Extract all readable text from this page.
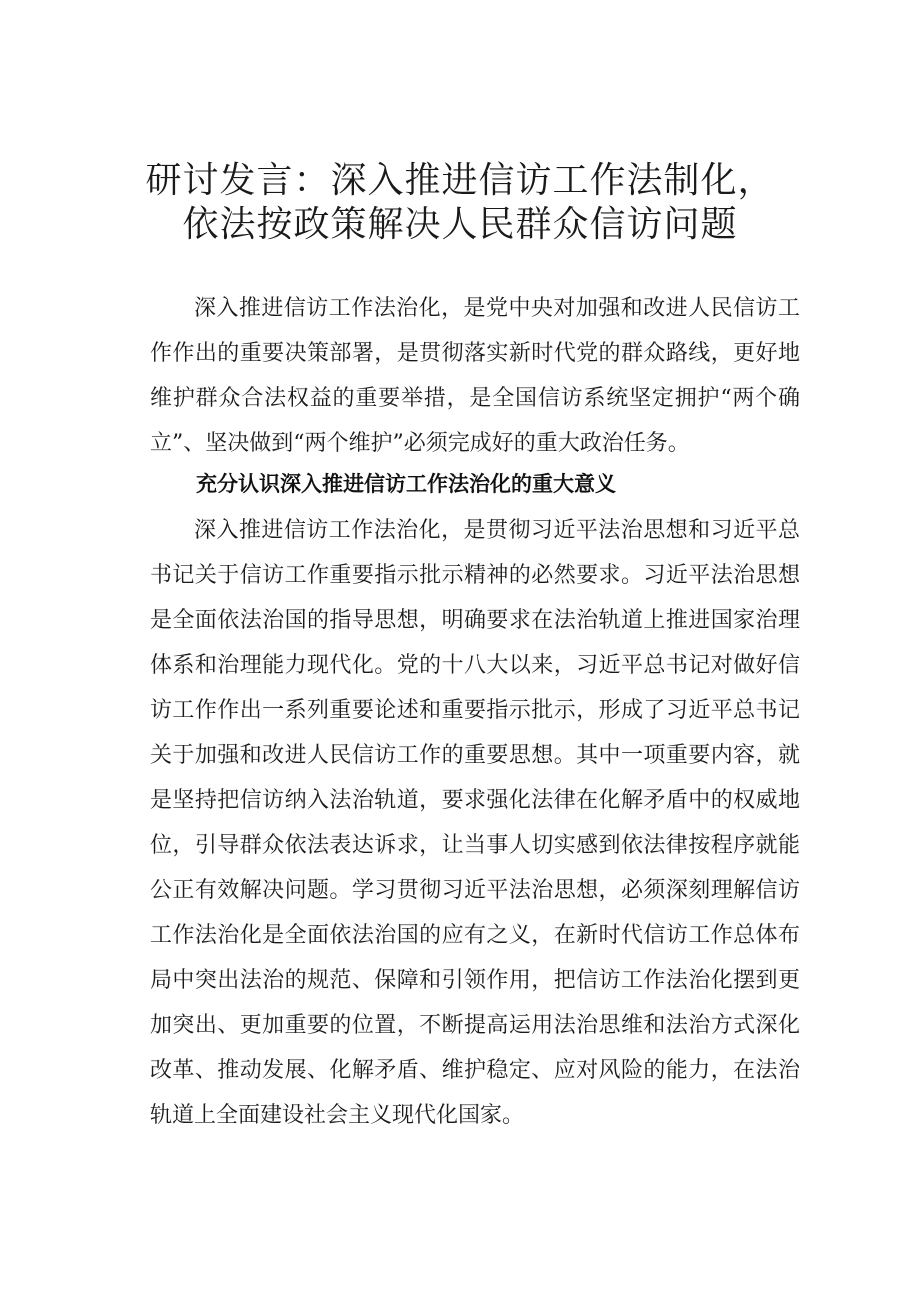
研讨发言：深入推进信访工作法制化，
依法按政策解决人民群众信访问题

深入推进信访工作法治化，是党中央对加强和改进人民信访工作作出的重要决策部署，是贯彻落实新时代党的群众路线，更好地维护群众合法权益的重要举措，是全国信访系统坚定拥护“两个确立”、坚决做到“两个维护”必须完成好的重大政治任务。

充分认识深入推进信访工作法治化的重大意义

深入推进信访工作法治化，是贯彻习近平法治思想和习近平总书记关于信访工作重要指示批示精神的必然要求。习近平法治思想是全面依法治国的指导思想，明确要求在法治轨道上推进国家治理体系和治理能力现代化。党的十八大以来，习近平总书记对做好信访工作作出一系列重要论述和重要指示批示，形成了习近平总书记关于加强和改进人民信访工作的重要思想。其中一项重要内容，就是坚持把信访纳入法治轨道，要求强化法律在化解矛盾中的权威地位，引导群众依法表达诉求，让当事人切实感到依法律按程序就能公正有效解决问题。学习贯彻习近平法治思想，必须深刻理解信访工作法治化是全面依法治国的应有之义，在新时代信访工作总体布局中突出法治的规范、保障和引领作用，把信访工作法治化摆到更加突出、更加重要的位置，不断提高运用法治思维和法治方式深化改革、推动发展、化解矛盾、维护稳定、应对风险的能力，在法治轨道上全面建设社会主义现代化国家。
